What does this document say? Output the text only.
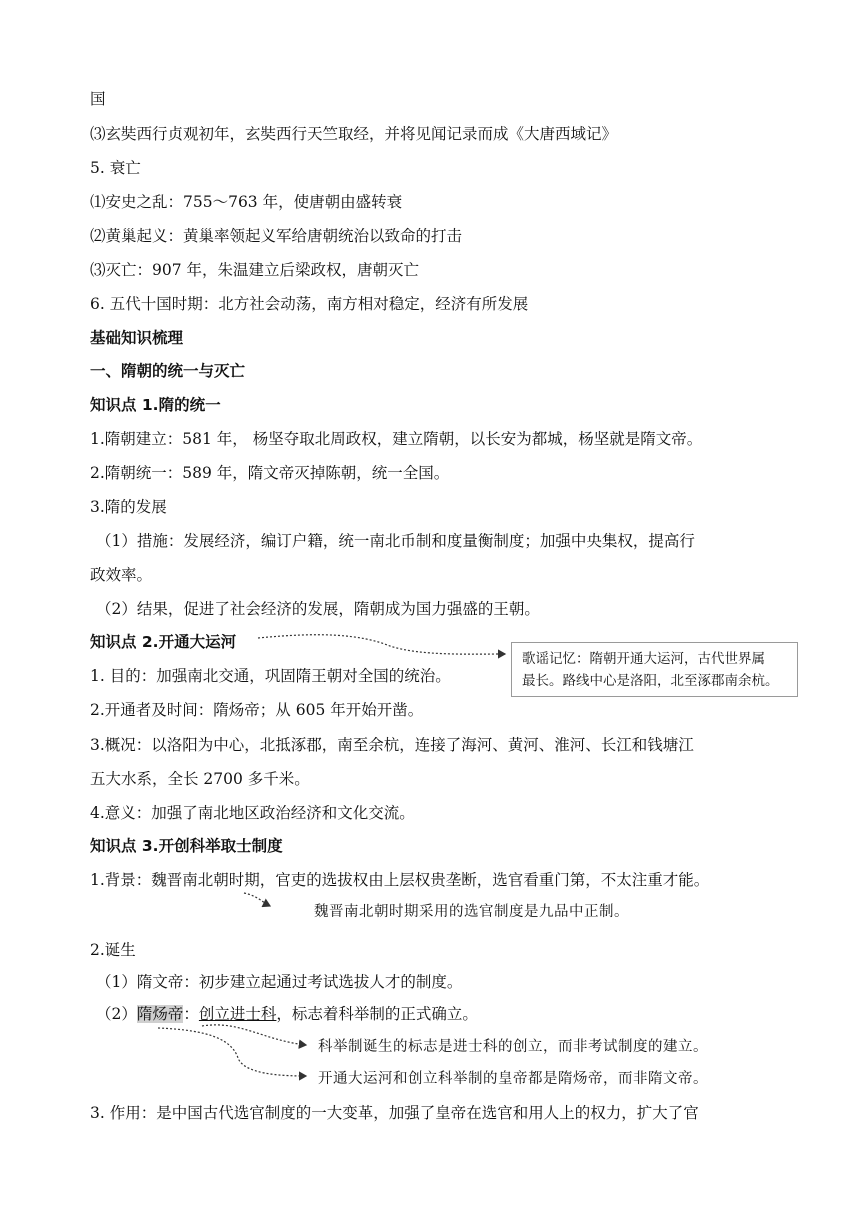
国
⑶玄奘西行贞观初年，玄奘西行天竺取经，并将见闻记录而成《大唐西域记》
5. 衰亡
⑴安史之乱：755～763 年，使唐朝由盛转衰
⑵黄巢起义：黄巢率领起义军给唐朝统治以致命的打击
⑶灭亡：907 年，朱温建立后梁政权，唐朝灭亡
6. 五代十国时期：北方社会动荡，南方相对稳定，经济有所发展
基础知识梳理
一、隋朝的统一与灭亡
知识点 1.隋的统一
1.隋朝建立：581 年， 杨坚夺取北周政权，建立隋朝，以长安为都城，杨坚就是隋文帝。
2.隋朝统一：589 年，隋文帝灭掉陈朝，统一全国。
3.隋的发展
（1）措施：发展经济，编订户籍，统一南北币制和度量衡制度；加强中央集权，提高行
政效率。
（2）结果，促进了社会经济的发展，隋朝成为国力强盛的王朝。
知识点 2.开通大运河
1. 目的：加强南北交通，巩固隋王朝对全国的统治。
2.开通者及时间：隋炀帝；从 605 年开始开凿。
3.概况：以洛阳为中心，北抵涿郡，南至余杭，连接了海河、黄河、淮河、长江和钱塘江
五大水系，全长 2700 多千米。
4.意义：加强了南北地区政治经济和文化交流。
知识点 3.开创科举取士制度
1.背景：魏晋南北朝时期，官吏的选拔权由上层权贵垄断，选官看重门第，不太注重才能。
2.诞生
（1）隋文帝：初步建立起通过考试选拔人才的制度。
（2）隋炀帝：创立进士科，标志着科举制的正式确立。
3. 作用：是中国古代选官制度的一大变革，加强了皇帝在选官和用人上的权力，扩大了官
歌谣记忆：隋朝开通大运河，古代世界属
最长。路线中心是洛阳，北至涿郡南余杭。
魏晋南北朝时期采用的选官制度是九品中正制。
科举制诞生的标志是进士科的创立，而非考试制度的建立。
开通大运河和创立科举制的皇帝都是隋炀帝，而非隋文帝。
